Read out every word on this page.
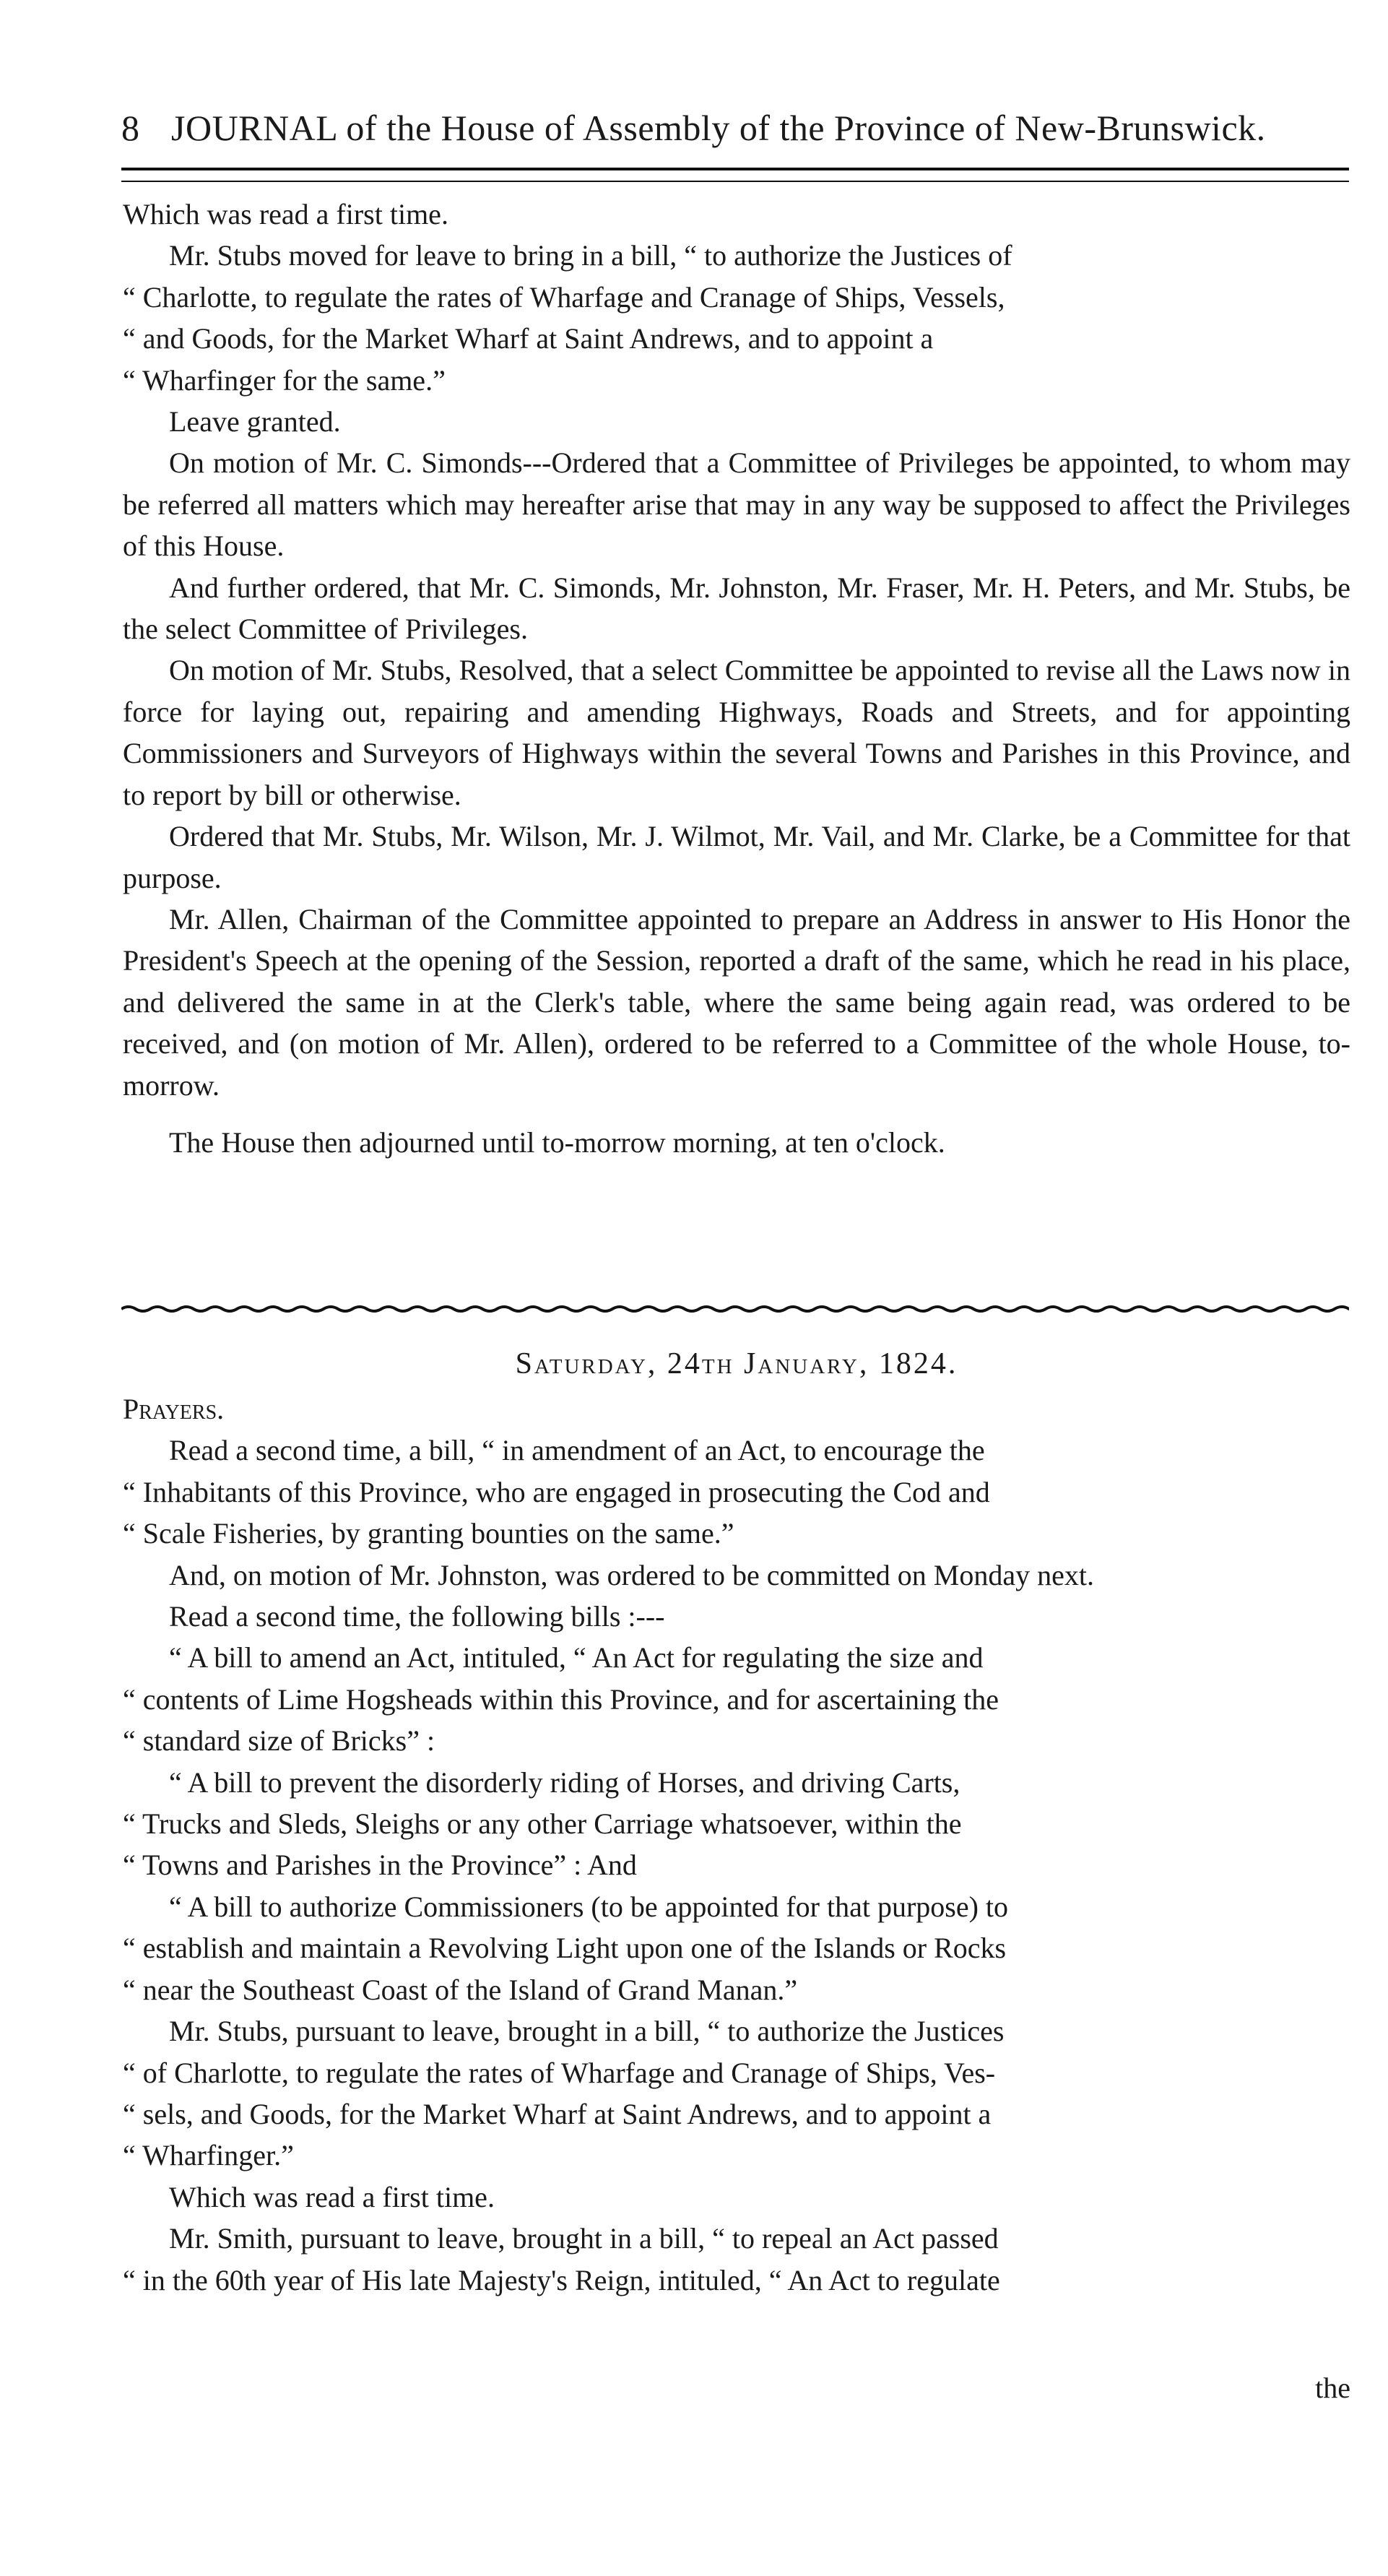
8 JOURNAL of the House of Assembly of the Province of New-Brunswick.

Which was read a first time.

Mr. Stubs moved for leave to bring in a bill, “ to authorize the Justices of

“ Charlotte, to regulate the rates of Wharfage and Cranage of Ships, Vessels,

“ and Goods, for the Market Wharf at Saint Andrews, and to appoint a

“ Wharfinger for the same.”

Leave granted.

On motion of Mr. C. Simonds---Ordered that a Committee of Privileges be appointed, to whom may be referred all matters which may hereafter arise that may in any way be supposed to affect the Privileges of this House.

And further ordered, that Mr. C. Simonds, Mr. Johnston, Mr. Fraser, Mr. H. Peters, and Mr. Stubs, be the select Committee of Privileges.

On motion of Mr. Stubs, Resolved, that a select Committee be appointed to revise all the Laws now in force for laying out, repairing and amending Highways, Roads and Streets, and for appointing Commissioners and Surveyors of Highways within the several Towns and Parishes in this Province, and to report by bill or otherwise.

Ordered that Mr. Stubs, Mr. Wilson, Mr. J. Wilmot, Mr. Vail, and Mr. Clarke, be a Committee for that purpose.

Mr. Allen, Chairman of the Committee appointed to prepare an Address in answer to His Honor the President's Speech at the opening of the Session, reported a draft of the same, which he read in his place, and delivered the same in at the Clerk's table, where the same being again read, was ordered to be received, and (on motion of Mr. Allen), ordered to be referred to a Committee of the whole House, to-morrow.

The House then adjourned until to-morrow morning, at ten o'clock.

Saturday, 24th January, 1824.

Prayers.

Read a second time, a bill, “ in amendment of an Act, to encourage the

“ Inhabitants of this Province, who are engaged in prosecuting the Cod and

“ Scale Fisheries, by granting bounties on the same.”

And, on motion of Mr. Johnston, was ordered to be committed on Monday next.

Read a second time, the following bills :---

“ A bill to amend an Act, intituled, “ An Act for regulating the size and

“ contents of Lime Hogsheads within this Province, and for ascertaining the

“ standard size of Bricks” :

“ A bill to prevent the disorderly riding of Horses, and driving Carts,

“ Trucks and Sleds, Sleighs or any other Carriage whatsoever, within the

“ Towns and Parishes in the Province” : And

“ A bill to authorize Commissioners (to be appointed for that purpose) to

“ establish and maintain a Revolving Light upon one of the Islands or Rocks

“ near the Southeast Coast of the Island of Grand Manan.”

Mr. Stubs, pursuant to leave, brought in a bill, “ to authorize the Justices

“ of Charlotte, to regulate the rates of Wharfage and Cranage of Ships, Ves-

“ sels, and Goods, for the Market Wharf at Saint Andrews, and to appoint a

“ Wharfinger.”

Which was read a first time.

Mr. Smith, pursuant to leave, brought in a bill, “ to repeal an Act passed

“ in the 60th year of His late Majesty's Reign, intituled, “ An Act to regulate

the
